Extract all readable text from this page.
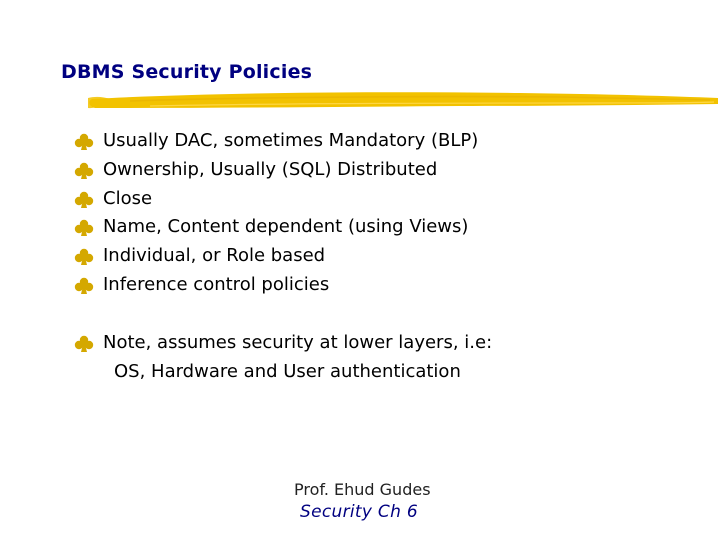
DBMS Security Policies
Usually DAC, sometimes Mandatory (BLP)
Ownership, Usually (SQL) Distributed
Close
Name, Content dependent (using Views)
Individual, or Role based
Inference control policies
Note, assumes security at lower layers, i.e:
OS, Hardware and User authentication
Prof. Ehud Gudes
Security Ch 6
